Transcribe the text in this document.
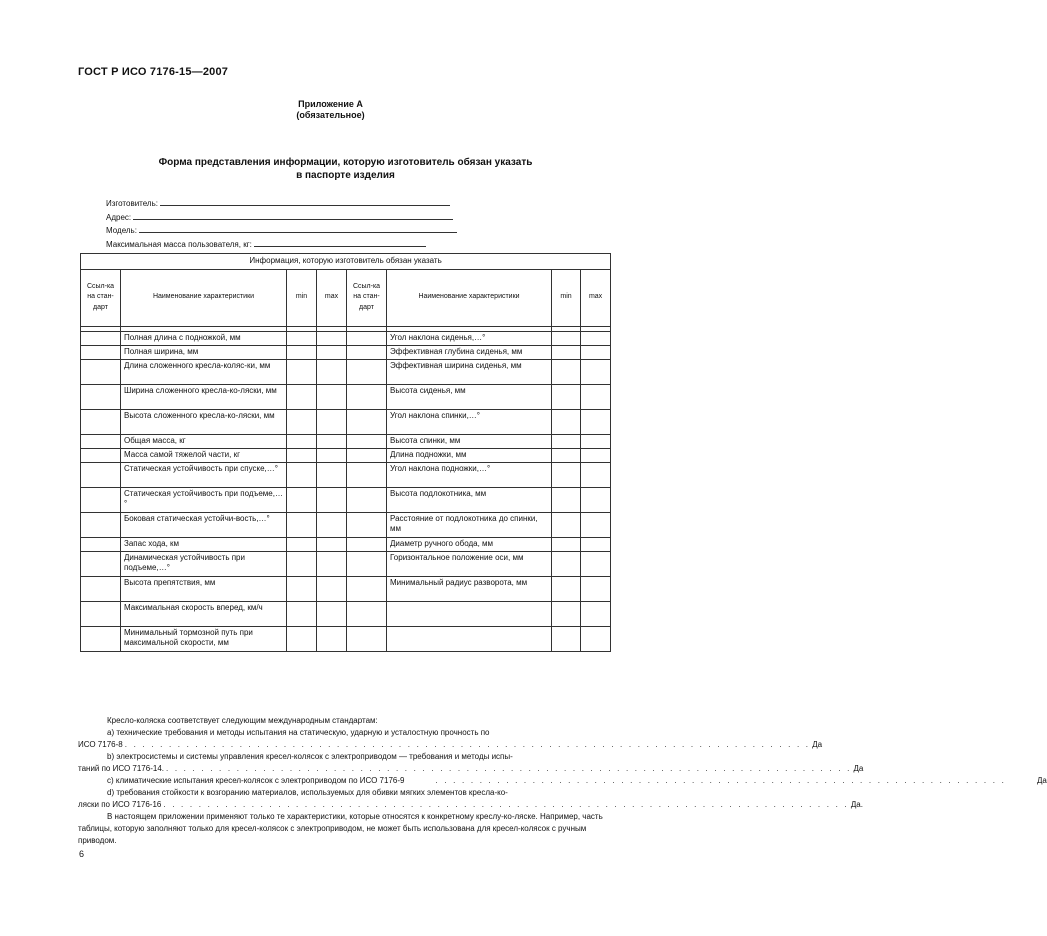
ГОСТ Р ИСО 7176-15—2007
Приложение А
(обязательное)
Форма представления информации, которую изготовитель обязан указать
в паспорте изделия
Изготовитель:
Адрес:
Модель:
Максимальная масса пользователя, кг:
Информация, которую изготовитель обязан указать							
Ссыл-ка на стан-дарт	Наименование характеристики	min	max	Ссыл-ка на стан-дарт	Наименование характеристики	min	max

	Полная длина с подножкой, мм				Угол наклона сиденья,…°		
	Полная ширина, мм				Эффективная глубина сиденья, мм		
	Длина сложенного кресла-коляс-ки, мм				Эффективная ширина сиденья, мм		
	Ширина сложенного кресла-ко-ляски, мм				Высота сиденья, мм		
	Высота сложенного кресла-ко-ляски, мм				Угол наклона спинки,…°		
	Общая масса, кг				Высота спинки, мм		
	Масса самой тяжелой части, кг				Длина подножки, мм		
	Статическая устойчивость при спуске,…°				Угол наклона подножки,…°		
	Статическая устойчивость при подъеме,…°				Высота подлокотника, мм		
	Боковая статическая устойчи-вость,…°				Расстояние от подлокотника до спинки, мм		
	Запас хода, км				Диаметр ручного обода, мм		
	Динамическая устойчивость при подъеме,…°				Горизонтальное положение оси, мм		
	Высота препятствия, мм				Минимальный радиус разворота, мм		
	Максимальная скорость вперед, км/ч						
	Минимальный тормозной путь при максимальной скорости, мм						

Кресло-коляска соответствует следующим международным стандартам:

а) технические требования и методы испытания на статическую, ударную и усталостную прочность по

ИСО 7176-8 . . . . . . . . . . . . . . . . . . . . . . . . . . . . . . . . . . . . . . . . . . . . . . . . . . . . . . . . . . . . . . . . . . . . . . . . . . . . . . Да

b) электросистемы и системы управления кресел-колясок с электроприводом — требования и методы испы-

таний по ИСО 7176-14. . . . . . . . . . . . . . . . . . . . . . . . . . . . . . . . . . . . . . . . . . . . . . . . . . . . . . . . . . . . . . . . . . . . . . . . . . . . . . . Да
с) климатические испытания кресел-колясок с электроприводом по ИСО 7176-9	. . . . . . . . . . . . . . . . . . . . . . . . . . . . . . . . . . . . . . . . . . . . . . . . . . . . . . . . . . . . . . . . .	Да

d) требования стойкости к возгоранию материалов, используемых для обивки мягких элементов кресла-ко-

ляски по ИСО 7176-16 . . . . . . . . . . . . . . . . . . . . . . . . . . . . . . . . . . . . . . . . . . . . . . . . . . . . . . . . . . . . . . . . . . . . . . . . . . . . . . Да.

В настоящем приложении применяют только те характеристики, которые относятся к конкретному креслу-ко-ляске. Например, часть таблицы, которую заполняют только для кресел-колясок с электроприводом, не может быть использована для кресел-колясок с ручным приводом.

6
